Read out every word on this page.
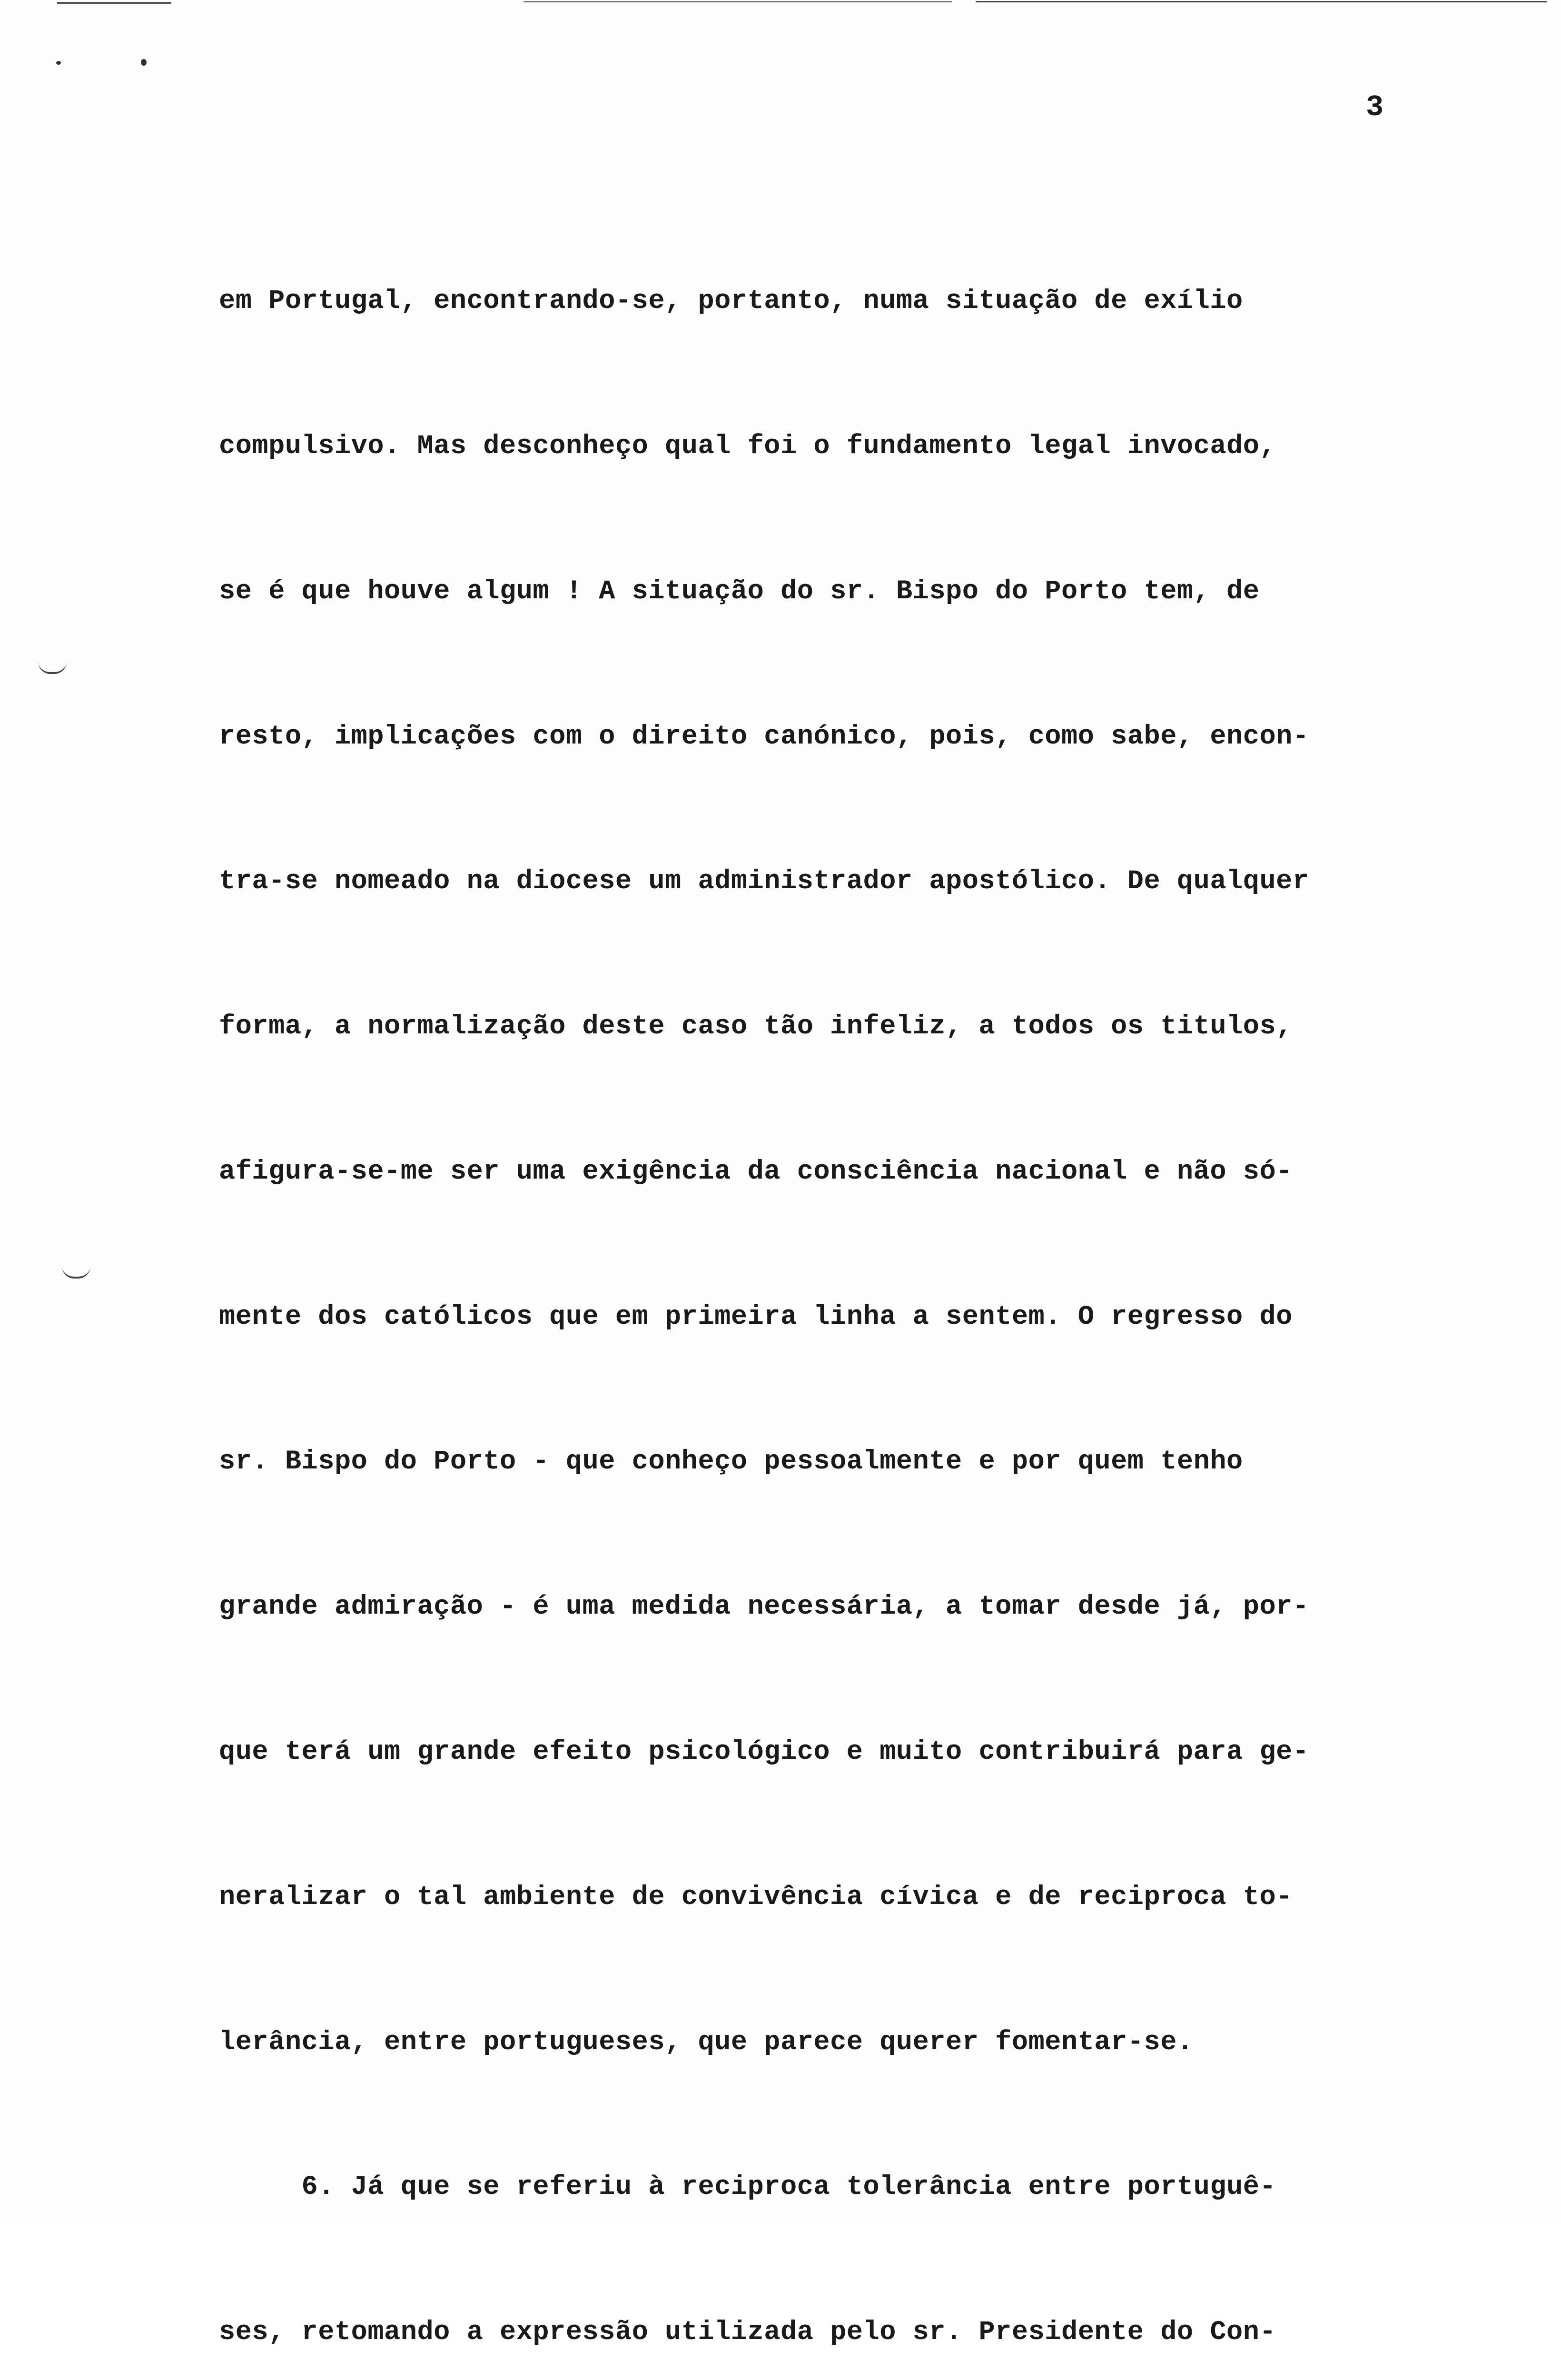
3

em Portugal, encontrando-se, portanto, numa situação de exílio

compulsivo. Mas desconheço qual foi o fundamento legal invocado,

se é que houve algum ! A situação do sr. Bispo do Porto tem, de

resto, implicações com o direito canónico, pois, como sabe, encon-

tra-se nomeado na diocese um administrador apostólico. De qualquer

forma, a normalização deste caso tão infeliz, a todos os titulos,

afigura-se-me ser uma exigência da consciência nacional e não só-

mente dos católicos que em primeira linha a sentem. O regresso do

sr. Bispo do Porto - que conheço pessoalmente e por quem tenho

grande admiração - é uma medida necessária, a tomar desde já, por-

que terá um grande efeito psicológico e muito contribuirá para ge-

neralizar o tal ambiente de convivência cívica e de reciproca to-

lerância, entre portugueses, que parece querer fomentar-se.

6. Já que se referiu à reciproca tolerância entre portuguê-

ses, retomando a expressão utilizada pelo sr. Presidente do Con-
